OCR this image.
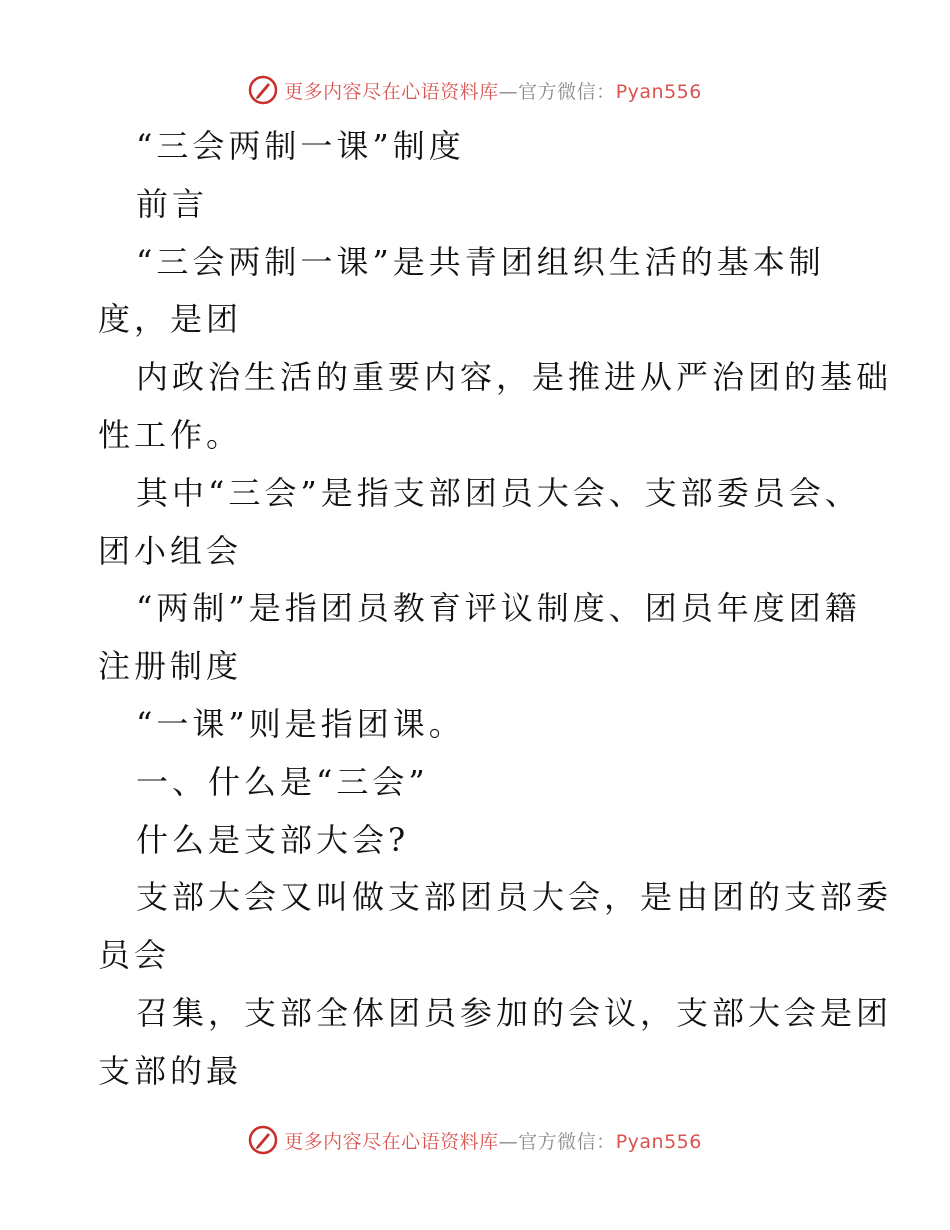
更多内容尽在心语资料库—官方微信：Pyan556
“三会两制一课”制度
前言
“三会两制一课”是共青团组织生活的基本制
度，是团
内政治生活的重要内容，是推进从严治团的基础
性工作。
其中“三会”是指支部团员大会、支部委员会、
团小组会
“两制”是指团员教育评议制度、团员年度团籍
注册制度
“一课”则是指团课。
一、什么是“三会”
什么是支部大会?
支部大会又叫做支部团员大会，是由团的支部委
员会
召集，支部全体团员参加的会议，支部大会是团
支部的最
更多内容尽在心语资料库—官方微信：Pyan556
